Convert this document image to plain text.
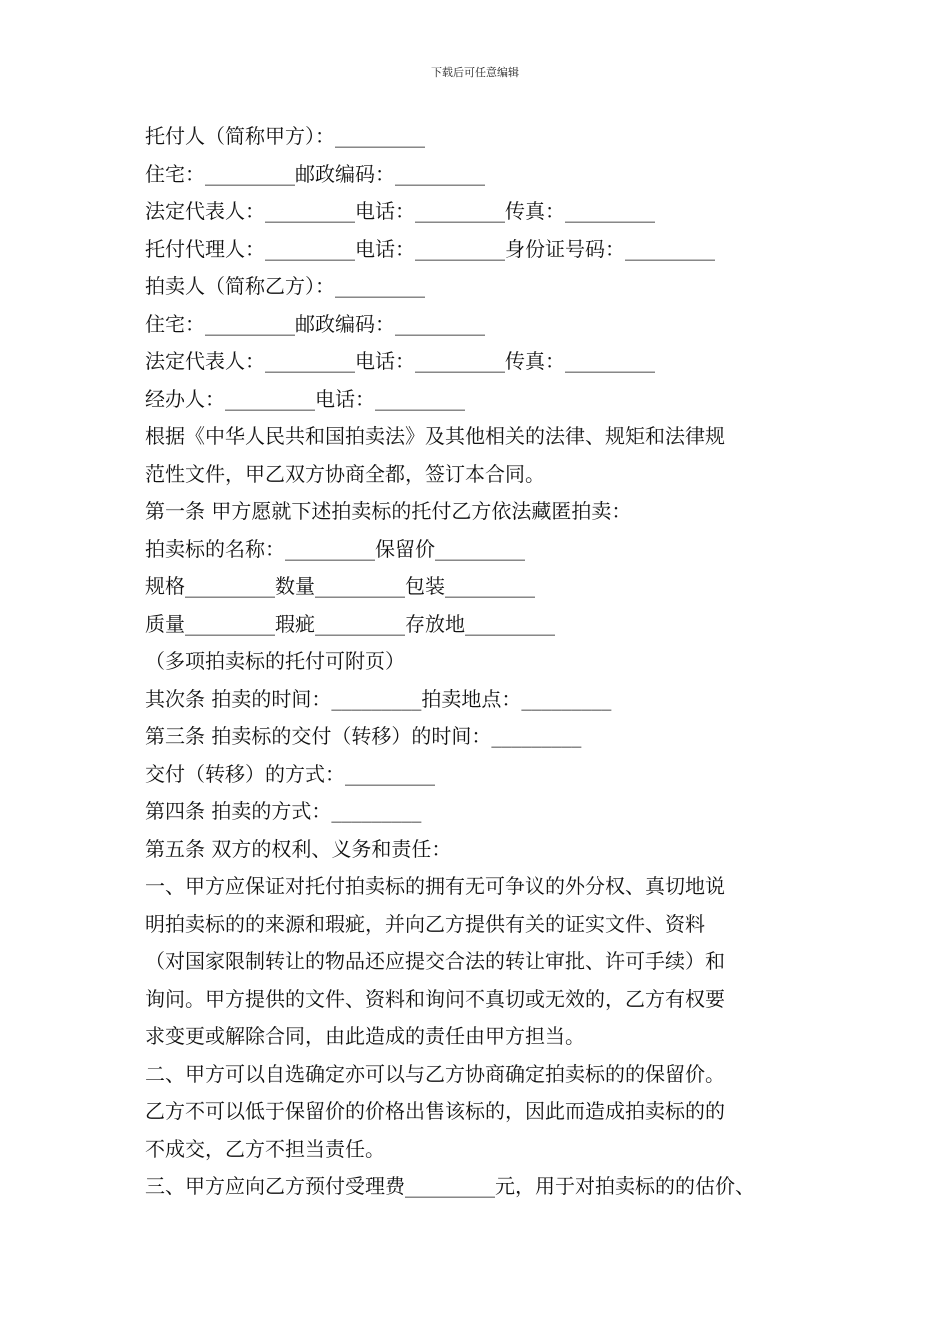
下载后可任意编辑
托付人（简称甲方）：_________
住宅：_________邮政编码：_________
法定代表人：_________电话：_________传真：_________
托付代理人：_________电话：_________身份证号码：_________
拍卖人（简称乙方）：_________
住宅：_________邮政编码：_________
法定代表人：_________电话：_________传真：_________
经办人：_________电话：_________
根据《中华人民共和国拍卖法》及其他相关的法律、规矩和法律规
范性文件，甲乙双方协商全都，签订本合同。
第一条 甲方愿就下述拍卖标的托付乙方依法藏匿拍卖：
拍卖标的名称：_________保留价_________
规格_________数量_________包装_________
质量_________瑕疵_________存放地_________
（多项拍卖标的托付可附页）
其次条 拍卖的时间：_________拍卖地点：_________
第三条 拍卖标的交付（转移）的时间：_________
交付（转移）的方式：_________
第四条 拍卖的方式：_________
第五条 双方的权利、义务和责任：
一、甲方应保证对托付拍卖标的拥有无可争议的外分权、真切地说
明拍卖标的的来源和瑕疵，并向乙方提供有关的证实文件、资料
（对国家限制转让的物品还应提交合法的转让审批、许可手续）和
询问。甲方提供的文件、资料和询问不真切或无效的，乙方有权要
求变更或解除合同，由此造成的责任由甲方担当。
二、甲方可以自选确定亦可以与乙方协商确定拍卖标的的保留价。
乙方不可以低于保留价的价格出售该标的，因此而造成拍卖标的的
不成交，乙方不担当责任。
三、甲方应向乙方预付受理费_________元，用于对拍卖标的的估价、
